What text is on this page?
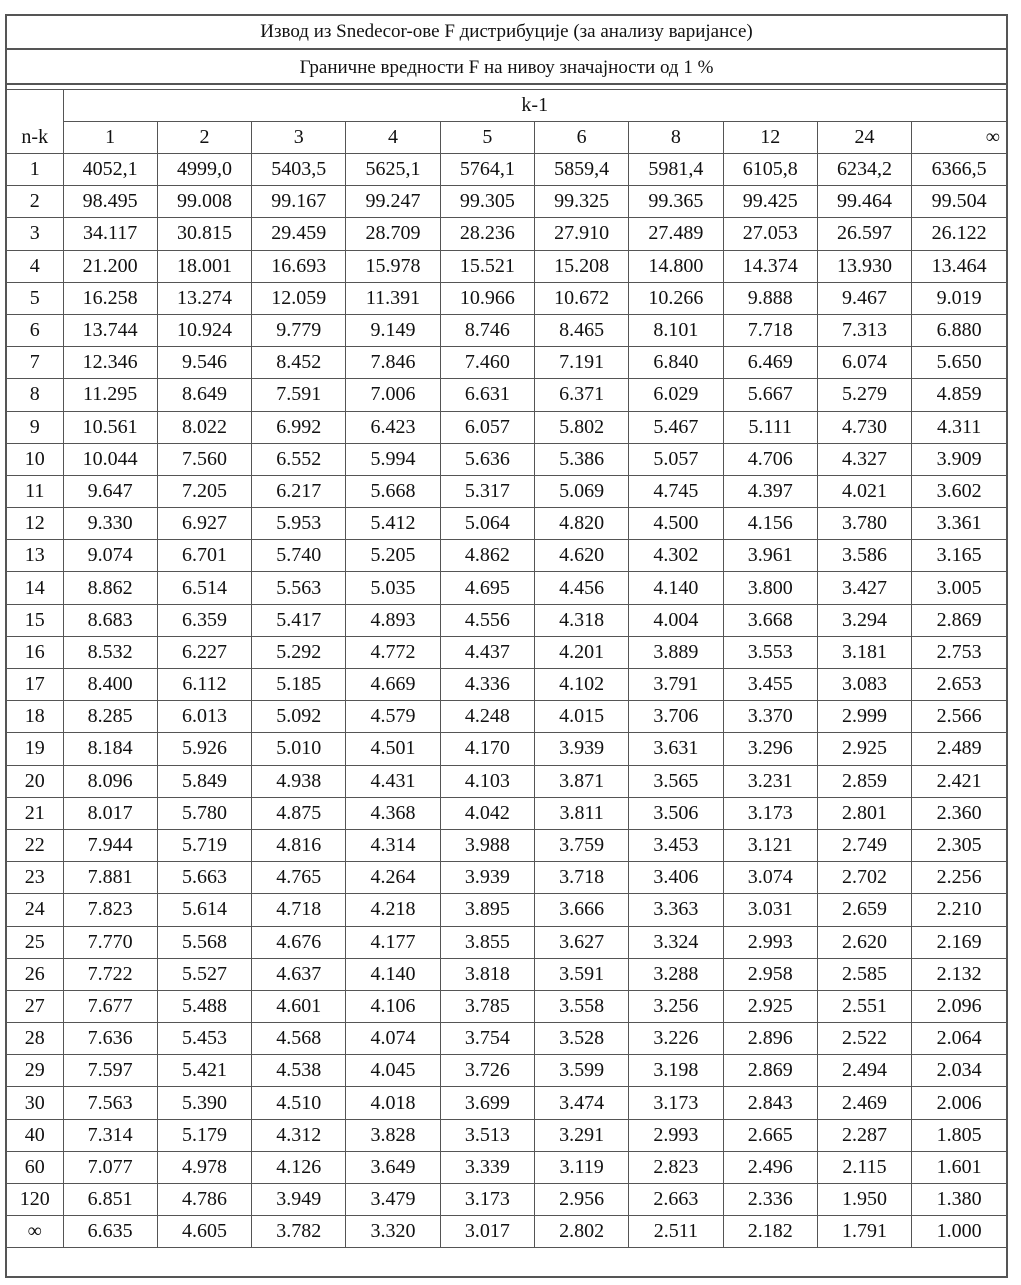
Извод из Snedecor-ове F дистрибуције (за анализу варијансе)
Граничне вредности F на нивоу значајности од 1 %
	k-1									
n-k	1	2	3	4	5	6	8	12	24	∞
1	4052,1	4999,0	5403,5	5625,1	5764,1	5859,4	5981,4	6105,8	6234,2	6366,5
2	98.495	99.008	99.167	99.247	99.305	99.325	99.365	99.425	99.464	99.504
3	34.117	30.815	29.459	28.709	28.236	27.910	27.489	27.053	26.597	26.122
4	21.200	18.001	16.693	15.978	15.521	15.208	14.800	14.374	13.930	13.464
5	16.258	13.274	12.059	11.391	10.966	10.672	10.266	9.888	9.467	9.019
6	13.744	10.924	9.779	9.149	8.746	8.465	8.101	7.718	7.313	6.880
7	12.346	9.546	8.452	7.846	7.460	7.191	6.840	6.469	6.074	5.650
8	11.295	8.649	7.591	7.006	6.631	6.371	6.029	5.667	5.279	4.859
9	10.561	8.022	6.992	6.423	6.057	5.802	5.467	5.111	4.730	4.311
10	10.044	7.560	6.552	5.994	5.636	5.386	5.057	4.706	4.327	3.909
11	9.647	7.205	6.217	5.668	5.317	5.069	4.745	4.397	4.021	3.602
12	9.330	6.927	5.953	5.412	5.064	4.820	4.500	4.156	3.780	3.361
13	9.074	6.701	5.740	5.205	4.862	4.620	4.302	3.961	3.586	3.165
14	8.862	6.514	5.563	5.035	4.695	4.456	4.140	3.800	3.427	3.005
15	8.683	6.359	5.417	4.893	4.556	4.318	4.004	3.668	3.294	2.869
16	8.532	6.227	5.292	4.772	4.437	4.201	3.889	3.553	3.181	2.753
17	8.400	6.112	5.185	4.669	4.336	4.102	3.791	3.455	3.083	2.653
18	8.285	6.013	5.092	4.579	4.248	4.015	3.706	3.370	2.999	2.566
19	8.184	5.926	5.010	4.501	4.170	3.939	3.631	3.296	2.925	2.489
20	8.096	5.849	4.938	4.431	4.103	3.871	3.565	3.231	2.859	2.421
21	8.017	5.780	4.875	4.368	4.042	3.811	3.506	3.173	2.801	2.360
22	7.944	5.719	4.816	4.314	3.988	3.759	3.453	3.121	2.749	2.305
23	7.881	5.663	4.765	4.264	3.939	3.718	3.406	3.074	2.702	2.256
24	7.823	5.614	4.718	4.218	3.895	3.666	3.363	3.031	2.659	2.210
25	7.770	5.568	4.676	4.177	3.855	3.627	3.324	2.993	2.620	2.169
26	7.722	5.527	4.637	4.140	3.818	3.591	3.288	2.958	2.585	2.132
27	7.677	5.488	4.601	4.106	3.785	3.558	3.256	2.925	2.551	2.096
28	7.636	5.453	4.568	4.074	3.754	3.528	3.226	2.896	2.522	2.064
29	7.597	5.421	4.538	4.045	3.726	3.599	3.198	2.869	2.494	2.034
30	7.563	5.390	4.510	4.018	3.699	3.474	3.173	2.843	2.469	2.006
40	7.314	5.179	4.312	3.828	3.513	3.291	2.993	2.665	2.287	1.805
60	7.077	4.978	4.126	3.649	3.339	3.119	2.823	2.496	2.115	1.601
120	6.851	4.786	3.949	3.479	3.173	2.956	2.663	2.336	1.950	1.380
∞	6.635	4.605	3.782	3.320	3.017	2.802	2.511	2.182	1.791	1.000
